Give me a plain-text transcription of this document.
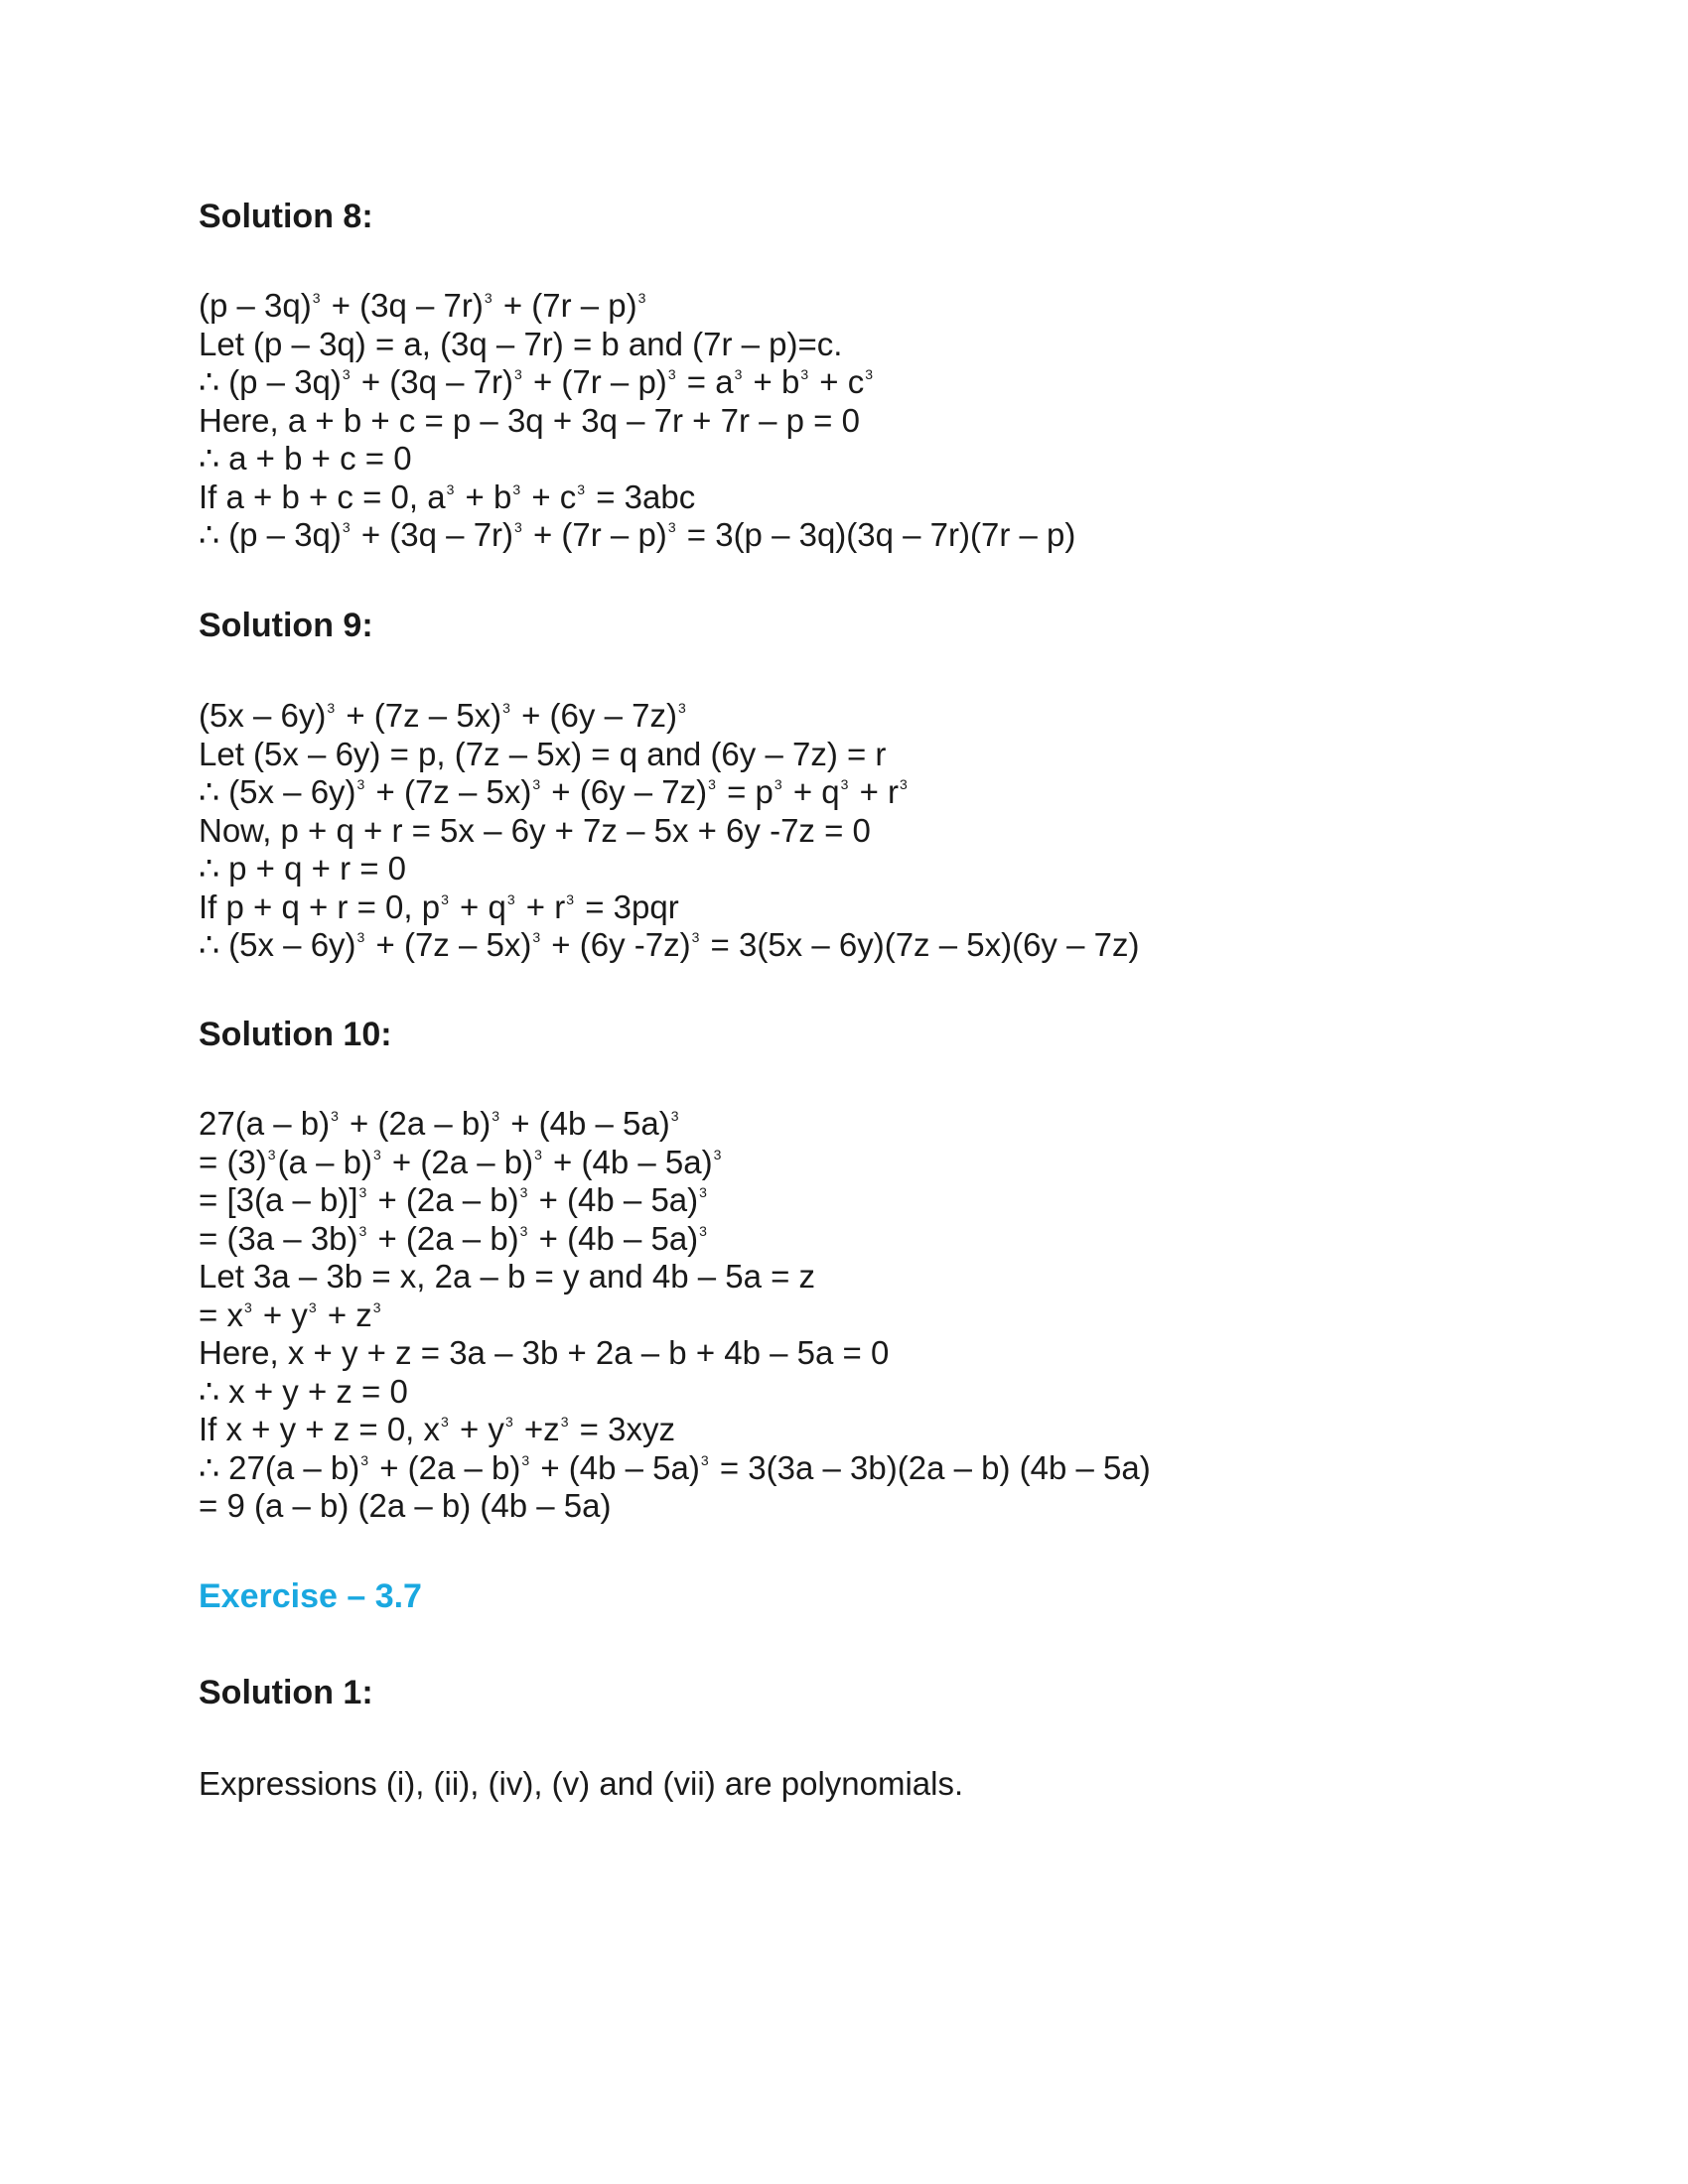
Solution 8:
(p – 3q)$^3$ + (3q – 7r)$^3$ + (7r – p)$^3$
Let (p – 3q) = a, (3q – 7r) = b and (7r – p)=c.
∴ $(p - 3q)^3 + (3q - 7r)^3 + (7r - p)^3 = a^3 + b^3 + c^3$
Here, a + b + c = p – 3q + 3q – 7r + 7r – p = 0
∴ a + b + c = 0
If a + b + c = 0, $a^3 + b^3 + c^3 = 3abc$
∴ (p – 3q)$^3$ + (3q – 7r)$^3$ + (7r – p)$^3$ = 3(p – 3q)(3q – 7r)(7r – p)
Solution 9:
(5x – 6y)$^3$ + (7z – 5x)$^3$ + (6y – 7z)$^3$
Let (5x – 6y) = p, (7z – 5x) = q and (6y – 7z) = r
∴ $(5x - 6y)^3 + (7z - 5x)^3 + (6y - 7z)^3 = p^3 + q^3 + r^3$
Now, p + q + r = 5x – 6y + 7z – 5x + 6y -7z = 0
∴ p + q + r = 0
If p + q + r = 0, $p^3 + q^3 + r^3 = 3pqr$
∴ (5x – 6y)$^3$ + (7z – 5x)$^3$ + (6y -7z)$^3$ = 3(5x – 6y)(7z – 5x)(6y – 7z)
Solution 10:
27(a – b)$^3$ + (2a – b)$^3$ + (4b – 5a)$^3$
= $(3)^3(a - b)^3 + (2a - b)^3 + (4b - 5a)^3$
= [3(a – b)]$^3$ + (2a – b)$^3$ + (4b – 5a)$^3$
= (3a – 3b)$^3$ + (2a – b)$^3$ + (4b – 5a)$^3$
Let 3a – 3b = x, 2a – b = y and 4b – 5a = z
= $x^3 + y^3 + z^3$
Here, x + y + z = 3a – 3b + 2a – b + 4b – 5a = 0
∴ x + y + z = 0
If x + y + z = 0, $x^3 + y^3 +z^3 = 3xyz$
∴ 27(a – b)$^3$ + (2a – b)$^3$ + (4b – 5a)$^3$ = 3(3a – 3b)(2a – b) (4b – 5a)
= 9 (a – b) (2a – b) (4b – 5a)
Exercise – 3.7
Solution 1:
Expressions (i), (ii), (iv), (v) and (vii) are polynomials.
